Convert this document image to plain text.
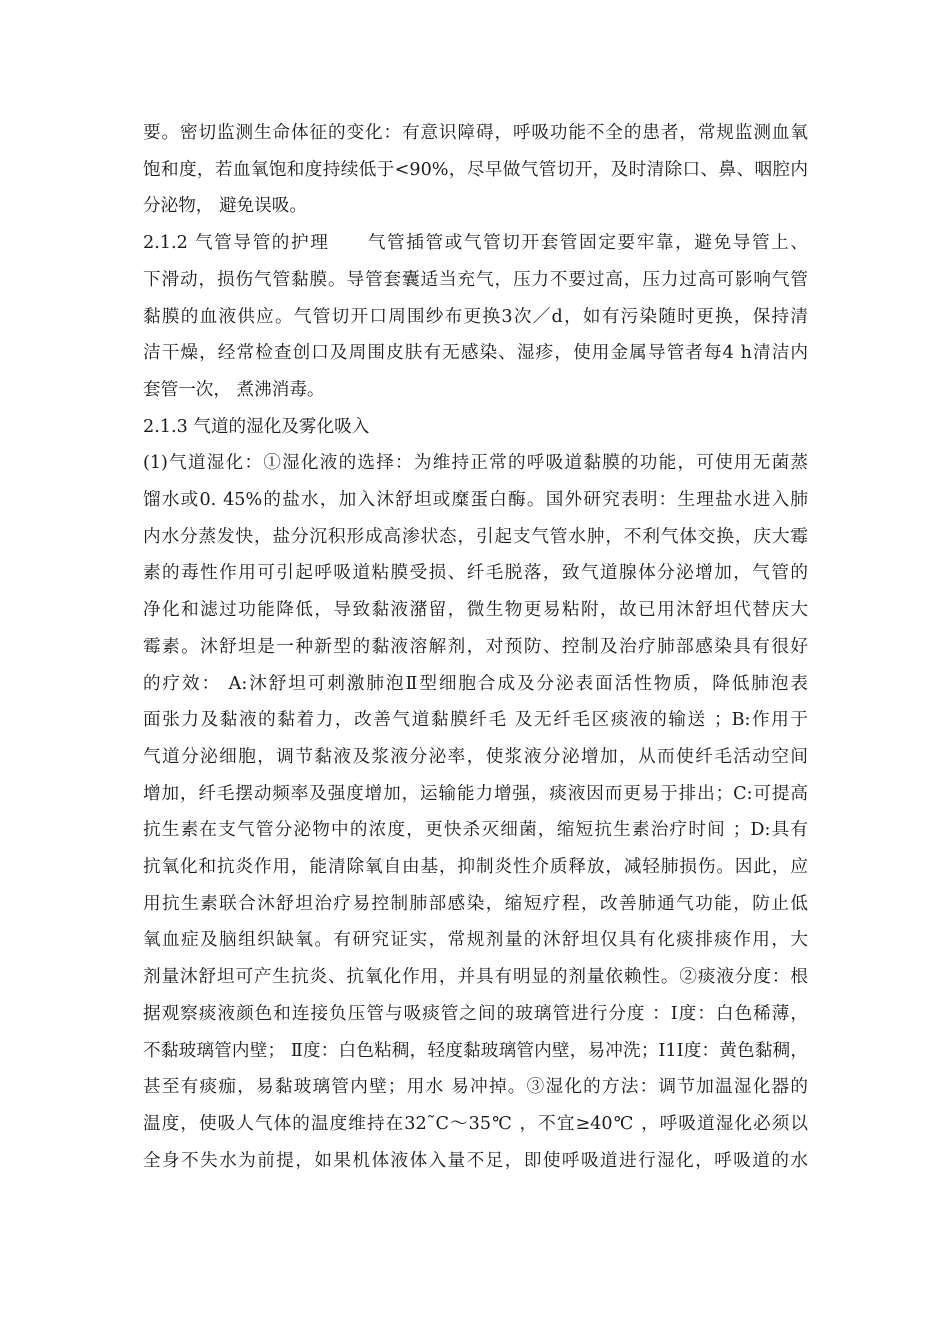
要。密切监测生命体征的变化：有意识障碍，呼吸功能不全的患者，常规监测血氧
饱和度，若血氧饱和度持续低于<90%，尽早做气管切开，及时清除口、鼻、咽腔内
分泌物， 避免误吸。
2.1.2 气管导管的护理　　气管插管或气管切开套管固定要牢靠，避免导管上、
下滑动，损伤气管黏膜。导管套囊适当充气，压力不要过高，压力过高可影响气管
黏膜的血液供应。气管切开口周围纱布更换3次／d，如有污染随时更换，保持清
洁干燥，经常检查创口及周围皮肤有无感染、湿疹，使用金属导管者每4 h清洁内
套管一次， 煮沸消毒。
2.1.3 气道的湿化及雾化吸入
(1)气道湿化：①湿化液的选择：为维持正常的呼吸道黏膜的功能，可使用无菌蒸
馏水或0. 45%的盐水，加入沐舒坦或糜蛋白酶。国外研究表明：生理盐水进入肺
内水分蒸发快，盐分沉积形成高渗状态，引起支气管水肿，不利气体交换，庆大霉
素的毒性作用可引起呼吸道粘膜受损、纤毛脱落，致气道腺体分泌增加，气管的
净化和滤过功能降低，导致黏液潴留，微生物更易粘附，故已用沐舒坦代替庆大
霉素。沐舒坦是一种新型的黏液溶解剂，对预防、控制及治疗肺部感染具有很好
的疗效： A:沐舒坦可刺激肺泡Ⅱ型细胞合成及分泌表面活性物质，降低肺泡表
面张力及黏液的黏着力，改善气道黏膜纤毛 及无纤毛区痰液的输送 ；B:作用于
气道分泌细胞，调节黏液及浆液分泌率，使浆液分泌增加，从而使纤毛活动空间
增加，纤毛摆动频率及强度增加，运输能力增强，痰液因而更易于排出；C:可提高
抗生素在支气管分泌物中的浓度，更快杀灭细菌，缩短抗生素治疗时间 ；D:具有
抗氧化和抗炎作用，能清除氧自由基，抑制炎性介质释放，减轻肺损伤。因此，应
用抗生素联合沐舒坦治疗易控制肺部感染，缩短疗程，改善肺通气功能，防止低
氧血症及脑组织缺氧。有研究证实，常规剂量的沐舒坦仅具有化痰排痰作用，大
剂量沐舒坦可产生抗炎、抗氧化作用，并具有明显的剂量依赖性。②痰液分度：根
据观察痰液颜色和连接负压管与吸痰管之间的玻璃管进行分度 ：I度：白色稀薄，
不黏玻璃管内壁； Ⅱ度：白色粘稠，轻度黏玻璃管内壁，易冲洗；I1I度：黄色黏稠，
甚至有痰痂，易黏玻璃管内壁；用水 易冲掉。③湿化的方法：调节加温湿化器的
温度，使吸人气体的温度维持在32˜C～35℃ ，不宜≥40℃ ，呼吸道湿化必须以
全身不失水为前提，如果机体液体入量不足，即使呼吸道进行湿化，呼吸道的水
